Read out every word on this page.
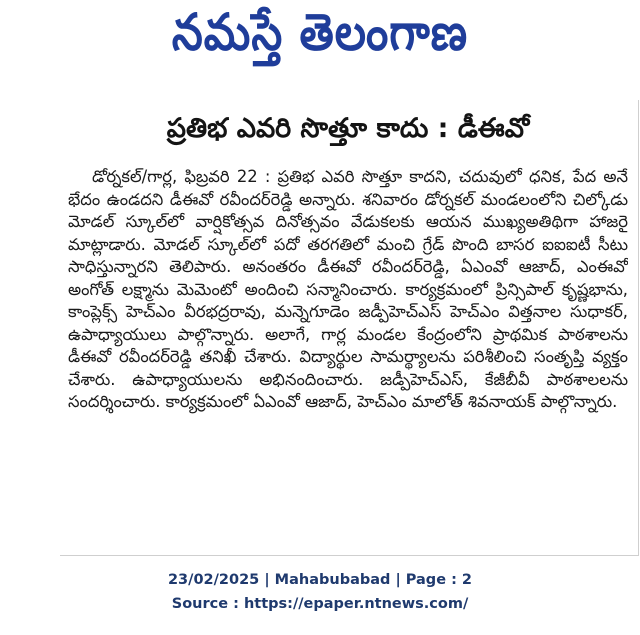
నమస్తే తెలంగాణ
ప్రతిభ ఎవరి సొత్తూ కాదు : డీఈవో
డోర్నకల్/గార్ల, ఫిబ్రవరి 22 : ప్రతిభ ఎవరి సొత్తూ కాదని, చదువులో ధనిక, పేద అనే భేదం ఉండదని డీఈవో రవీందర్‌రెడ్డి అన్నారు. శనివారం డోర్నకల్ మండలంలోని చిల్కోడు మోడల్ స్కూల్‌లో వార్షికోత్సవ దినోత్సవం వేడుకలకు ఆయన ముఖ్యఅతిథిగా హాజరై మాట్లాడారు. మోడల్ స్కూల్‌లో పదో తరగతిలో మంచి గ్రేడ్ పొంది బాసర ఐఐఐటీ సీటు సాధిస్తున్నారని తెలిపారు. అనంతరం డీఈవో రవీందర్‌రెడ్డి, ఏఎంవో ఆజాద్, ఎంఈవో అంగోత్ లక్ష్మాను మెమెంటో అందించి సన్మానించారు. కార్యక్రమంలో ప్రిన్సిపాల్ కృష్ణభాను, కాంప్లెక్స్ హెచ్‌ఎం వీరభద్రరావు, మన్నెగూడెం జడ్పీహెచ్ఎస్ హెచ్‌ఎం విత్తనాల సుధాకర్, ఉపాధ్యాయులు పాల్గొన్నారు. అలాగే, గార్ల మండల కేంద్రంలోని ప్రాథమిక పాఠశాలను డీఈవో రవీందర్‌రెడ్డి తనిఖీ చేశారు. విద్యార్థుల సామర్థ్యాలను పరిశీలించి సంతృప్తి వ్యక్తం చేశారు. ఉపాధ్యాయులను అభినందించారు. జడ్పీహెచ్ఎస్, కేజీబీవీ పాఠశాలలను సందర్శించారు. కార్యక్రమంలో ఏఎంవో ఆజాద్, హెచ్‌ఎం మాలోత్ శివనాయక్ పాల్గొన్నారు.
23/02/2025 | Mahabubabad | Page : 2
Source : https://epaper.ntnews.com/
